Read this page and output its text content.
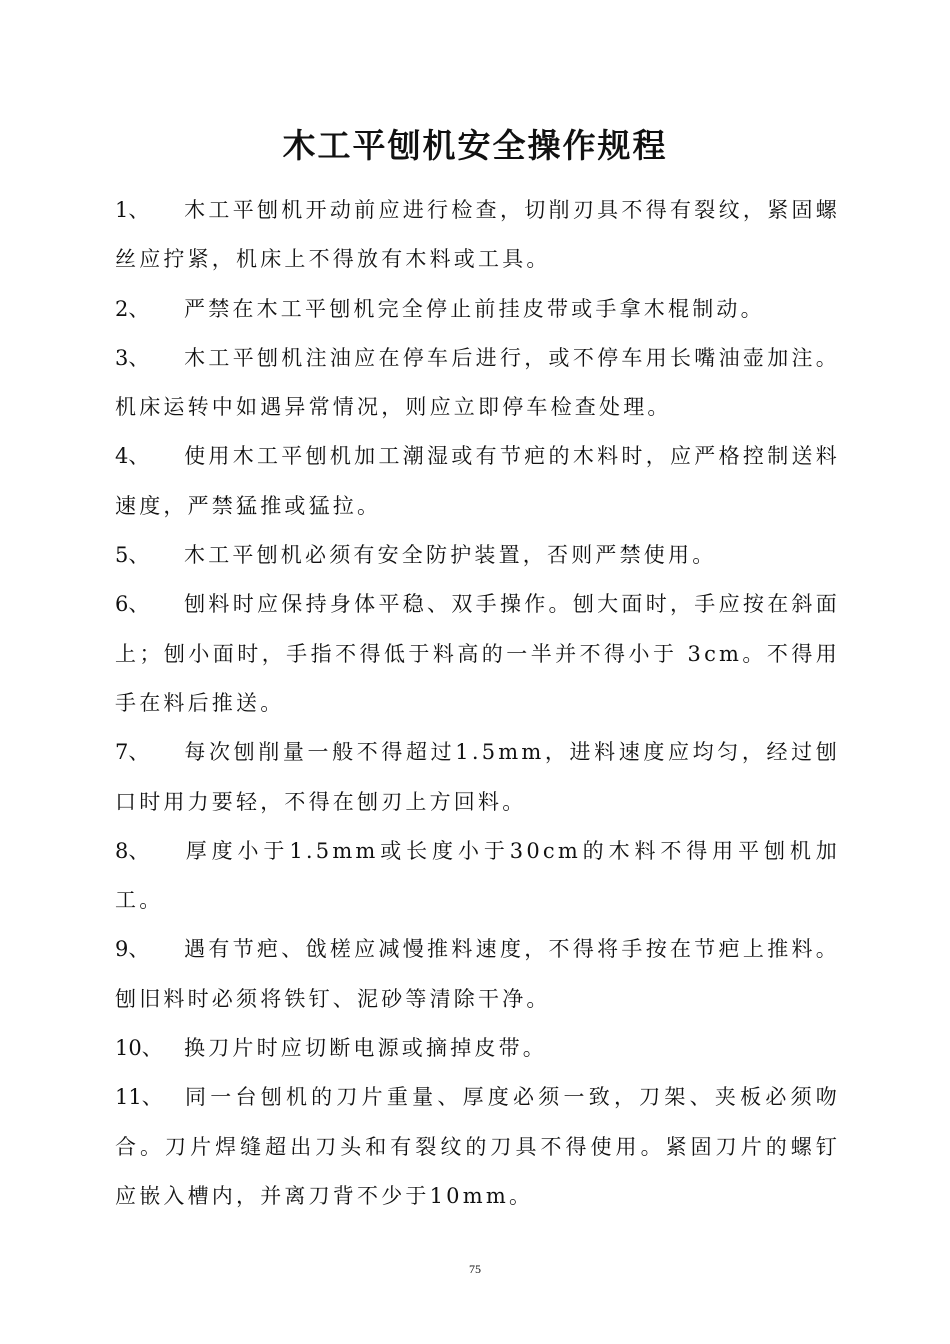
木工平刨机安全操作规程

1、 木工平刨机开动前应进行检查，切削刃具不得有裂纹，紧固螺丝应拧紧，机床上不得放有木料或工具。

2、 严禁在木工平刨机完全停止前挂皮带或手拿木棍制动。

3、 木工平刨机注油应在停车后进行，或不停车用长嘴油壶加注。机床运转中如遇异常情况，则应立即停车检查处理。

4、 使用木工平刨机加工潮湿或有节疤的木料时，应严格控制送料速度，严禁猛推或猛拉。

5、 木工平刨机必须有安全防护装置，否则严禁使用。

6、 刨料时应保持身体平稳、双手操作。刨大面时，手应按在斜面上；刨小面时，手指不得低于料高的一半并不得小于 3cm。不得用手在料后推送。

7、 每次刨削量一般不得超过1.5mm，进料速度应均匀，经过刨口时用力要轻，不得在刨刃上方回料。

8、 厚度小于1.5mm或长度小于30cm的木料不得用平刨机加工。

9、 遇有节疤、戗槎应减慢推料速度，不得将手按在节疤上推料。刨旧料时必须将铁钉、泥砂等清除干净。

10、 换刀片时应切断电源或摘掉皮带。

11、 同一台刨机的刀片重量、厚度必须一致，刀架、夹板必须吻合。刀片焊缝超出刀头和有裂纹的刀具不得使用。紧固刀片的螺钉应嵌入槽内，并离刀背不少于10mm。

75
